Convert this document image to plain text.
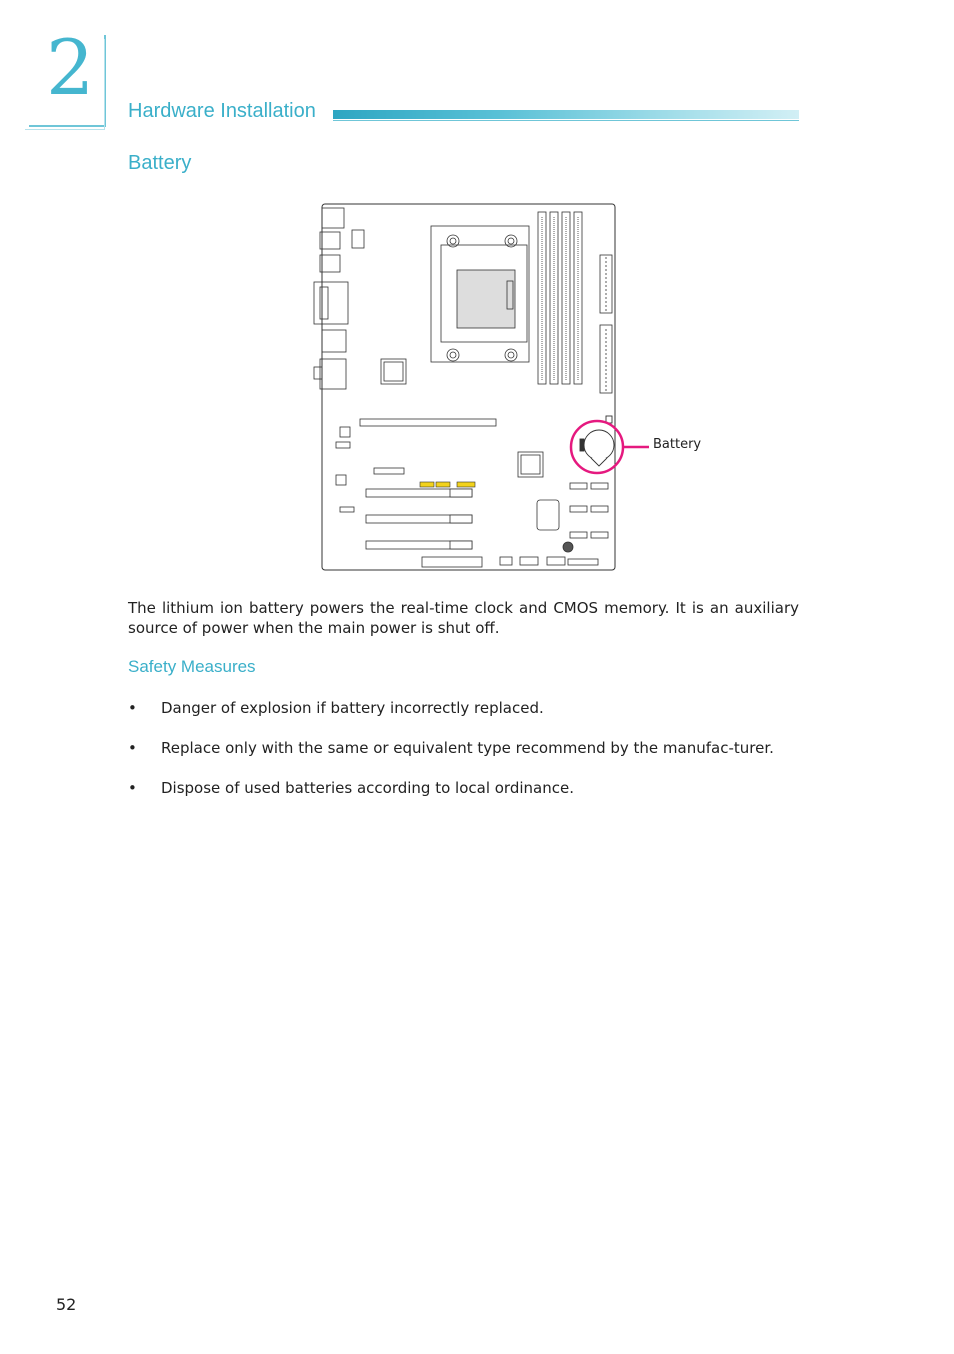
2 Hardware Installation
Battery
Battery
The lithium ion battery powers the real-time clock and CMOS memory. It is an auxiliary source of power when the main power is shut off.
Safety Measures
• Danger of explosion if battery incorrectly replaced.
• Replace only with the same or equivalent type recommend by the manufac-turer.
• Dispose of used batteries according to local ordinance.
52
